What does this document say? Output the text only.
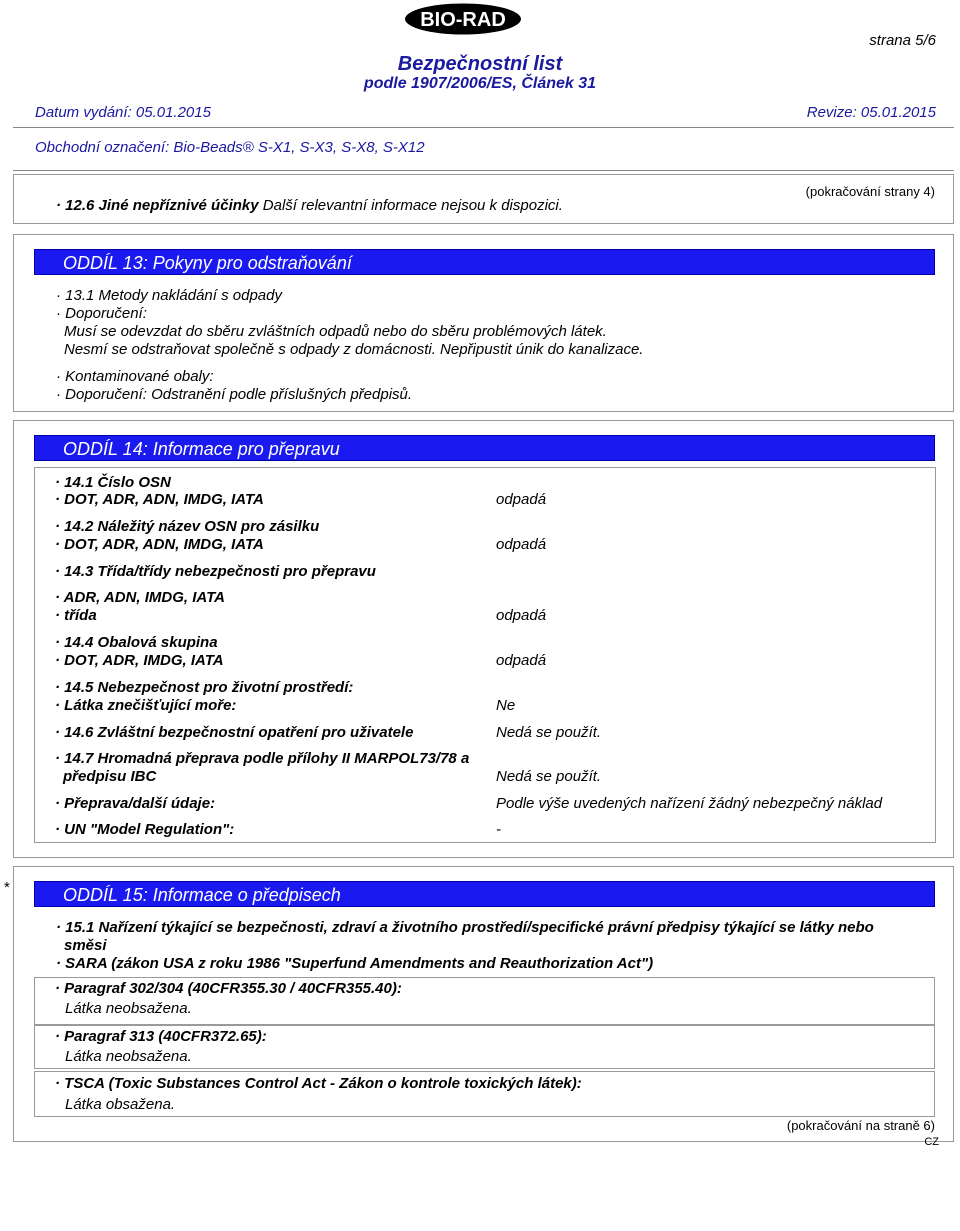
BIO-RAD
strana 5/6
Bezpečnostní list
podle 1907/2006/ES, Článek 31
Datum vydání: 05.01.2015	Revize: 05.01.2015
Obchodní označení: Bio-Beads® S-X1, S-X3, S-X8, S-X12
· 12.6 Jiné nepříznivé účinky Další relevantní informace nejsou k dispozici.
(pokračování strany 4)
ODDÍL 13: Pokyny pro odstraňování
· 13.1 Metody nakládání s odpady
· Doporučení:
Musí se odevzdat do sběru zvláštních odpadů nebo do sběru problémových látek.
Nesmí se odstraňovat společně s odpady z domácnosti. Nepřipustit únik do kanalizace.
· Kontaminované obaly:
· Doporučení: Odstranění podle příslušných předpisů.
ODDÍL 14: Informace pro přepravu
· 14.1 Číslo OSN
· DOT, ADR, ADN, IMDG, IATA	odpadá
· 14.2 Náležitý název OSN pro zásilku
· DOT, ADR, ADN, IMDG, IATA	odpadá
· 14.3 Třída/třídy nebezpečnosti pro přepravu
· ADR, ADN, IMDG, IATA
· třída	odpadá
· 14.4 Obalová skupina
· DOT, ADR, IMDG, IATA	odpadá
· 14.5 Nebezpečnost pro životní prostředí:
· Látka znečišťující moře:	Ne
· 14.6 Zvláštní bezpečnostní opatření pro uživatele	Nedá se použít.
· 14.7 Hromadná přeprava podle přílohy II MARPOL73/78 a
předpisu IBC	Nedá se použít.
· Přeprava/další údaje:	Podle výše uvedených nařízení žádný nebezpečný náklad
· UN "Model Regulation":	-
*	ODDÍL 15: Informace o předpisech
· 15.1 Nařízení týkající se bezpečnosti, zdraví a životního prostředí/specifické právní předpisy týkající se látky nebo
směsi
· SARA (zákon USA z roku 1986 "Superfund Amendments and Reauthorization Act")
· Paragraf 302/304 (40CFR355.30 / 40CFR355.40):
Látka neobsažena.
· Paragraf 313 (40CFR372.65):
Látka neobsažena.
· TSCA (Toxic Substances Control Act - Zákon o kontrole toxických látek):
Látka obsažena.
(pokračování na straně 6)
CZ
